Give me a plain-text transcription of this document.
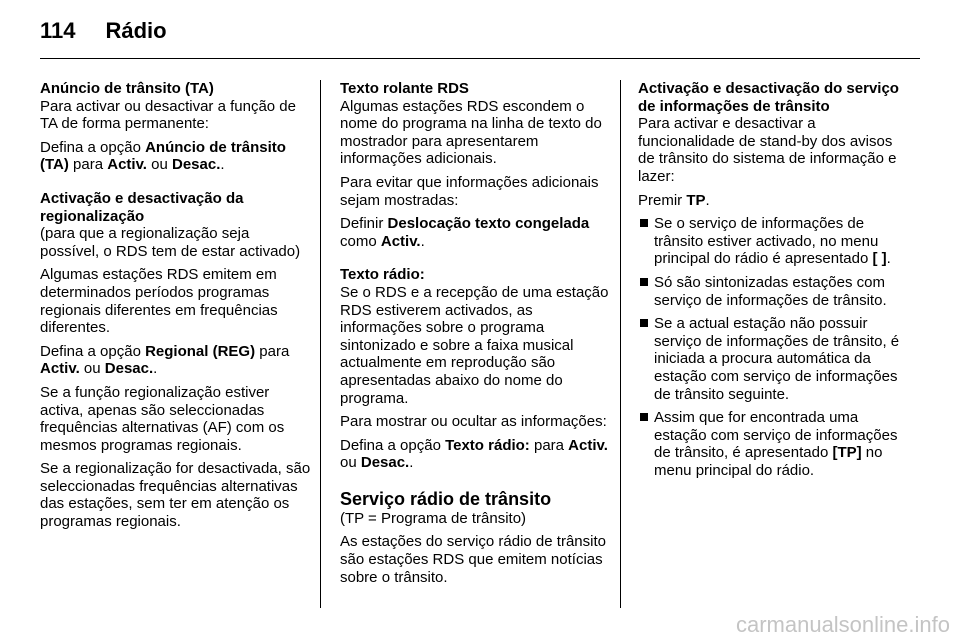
114 Rádio

Anúncio de trânsito (TA)

Para activar ou desactivar a função de TA de forma permanente:

Defina a opção Anúncio de trânsito (TA) para Activ. ou Desac..

Activação e desactivação da regionalização

(para que a regionalização seja possível, o RDS tem de estar activado)

Algumas estações RDS emitem em determinados períodos programas regionais diferentes em frequências diferentes.

Defina a opção Regional (REG) para Activ. ou Desac..

Se a função regionalização estiver activa, apenas são seleccionadas frequências alternativas (AF) com os mesmos programas regionais.

Se a regionalização for desactivada, são seleccionadas frequências alternativas das estações, sem ter em atenção os programas regionais.

Texto rolante RDS

Algumas estações RDS escondem o nome do programa na linha de texto do mostrador para apresentarem informações adicionais.

Para evitar que informações adicionais sejam mostradas:

Definir Deslocação texto congelada como Activ..

Texto rádio:

Se o RDS e a recepção de uma estação RDS estiverem activados, as informações sobre o programa sintonizado e sobre a faixa musical actualmente em reprodução são apresentadas abaixo do nome do programa.

Para mostrar ou ocultar as informações:

Defina a opção Texto rádio: para Activ. ou Desac..

Serviço rádio de trânsito

(TP = Programa de trânsito)

As estações do serviço rádio de trânsito são estações RDS que emitem notícias sobre o trânsito.

Activação e desactivação do serviço de informações de trânsito

Para activar e desactivar a funcionalidade de stand-by dos avisos de trânsito do sistema de informação e lazer:

Premir TP.

Se o serviço de informações de trânsito estiver activado, no menu principal do rádio é apresentado [ ].
Só são sintonizadas estações com serviço de informações de trânsito.
Se a actual estação não possuir serviço de informações de trânsito, é iniciada a procura automática da estação com serviço de informações de trânsito seguinte.
Assim que for encontrada uma estação com serviço de informações de trânsito, é apresentado [TP] no menu principal do rádio.
carmanualsonline.info
